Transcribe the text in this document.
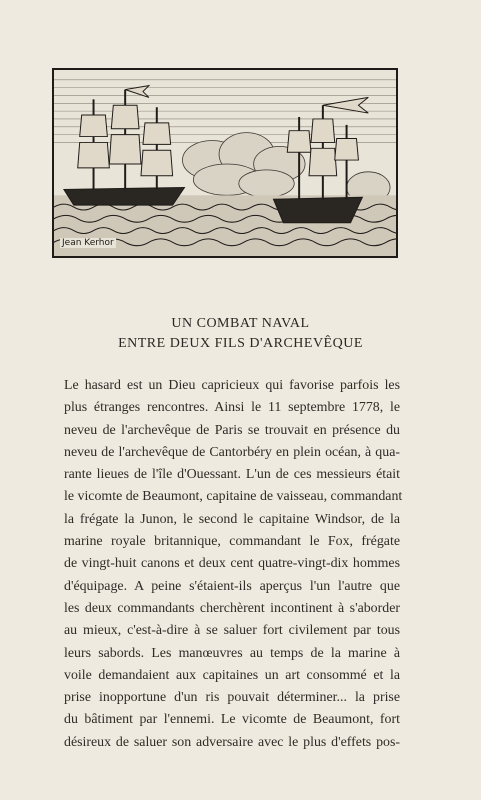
Jean Kerhor
UN COMBAT NAVAL
ENTRE DEUX FILS D'ARCHEVÊQUE
Le hasard est un Dieu capricieux qui favorise parfois les
plus étranges rencontres. Ainsi le 11 septembre 1778, le
neveu de l'archevêque de Paris se trouvait en présence du
neveu de l'archevêque de Cantorbéry en plein océan, à qua-
rante lieues de l'île d'Ouessant. L'un de ces messieurs était
le vicomte de Beaumont, capitaine de vaisseau, commandant
la frégate la Junon, le second le capitaine Windsor, de la
marine royale britannique, commandant le Fox, frégate
de vingt-huit canons et deux cent quatre-vingt-dix hommes
d'équipage. A peine s'étaient-ils aperçus l'un l'autre que
les deux commandants cherchèrent incontinent à s'aborder
au mieux, c'est-à-dire à se saluer fort civilement par tous
leurs sabords. Les manœuvres au temps de la marine à
voile demandaient aux capitaines un art consommé et la
prise inopportune d'un ris pouvait déterminer... la prise
du bâtiment par l'ennemi. Le vicomte de Beaumont, fort
désireux de saluer son adversaire avec le plus d'effets pos-
